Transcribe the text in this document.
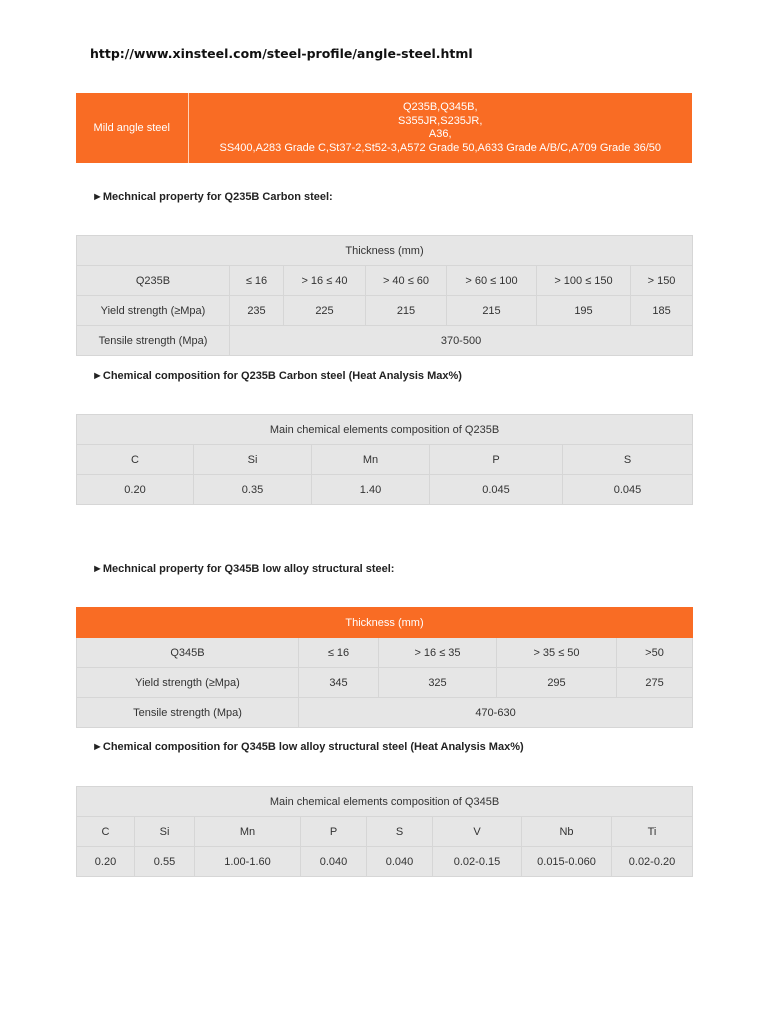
http://www.xinsteel.com/steel-profile/angle-steel.html
Mild angle steel	
Q235B,Q345B,
S355JR,S235JR,
A36,
SS400,A283 Grade C,St37-2,St52-3,A572 Grade 50,A633 Grade A/B/C,A709 Grade 36/50
►Mechnical property for Q235B Carbon steel:
Thickness (mm)						
Q235B	≤ 16	> 16 ≤ 40	> 40 ≤ 60	> 60 ≤ 100	> 100 ≤ 150	> 150
Yield strength (≥Mpa)	235	225	215	215	195	185
Tensile strength (Mpa)	370-500					
►Chemical composition for Q235B Carbon steel (Heat Analysis Max%)
Main chemical elements composition of Q235B				
C	Si	Mn	P	S
0.20	0.35	1.40	0.045	0.045
►Mechnical property for Q345B low alloy structural steel:
Thickness (mm)				
Q345B	≤ 16	> 16 ≤ 35	> 35 ≤ 50	>50
Yield strength (≥Mpa)	345	325	295	275
Tensile strength (Mpa)	470-630			
►Chemical composition for Q345B low alloy structural steel (Heat Analysis Max%)
Main chemical elements composition of Q345B							
C	Si	Mn	P	S	V	Nb	Ti
0.20	0.55	1.00-1.60	0.040	0.040	0.02-0.15	0.015-0.060	0.02-0.20
